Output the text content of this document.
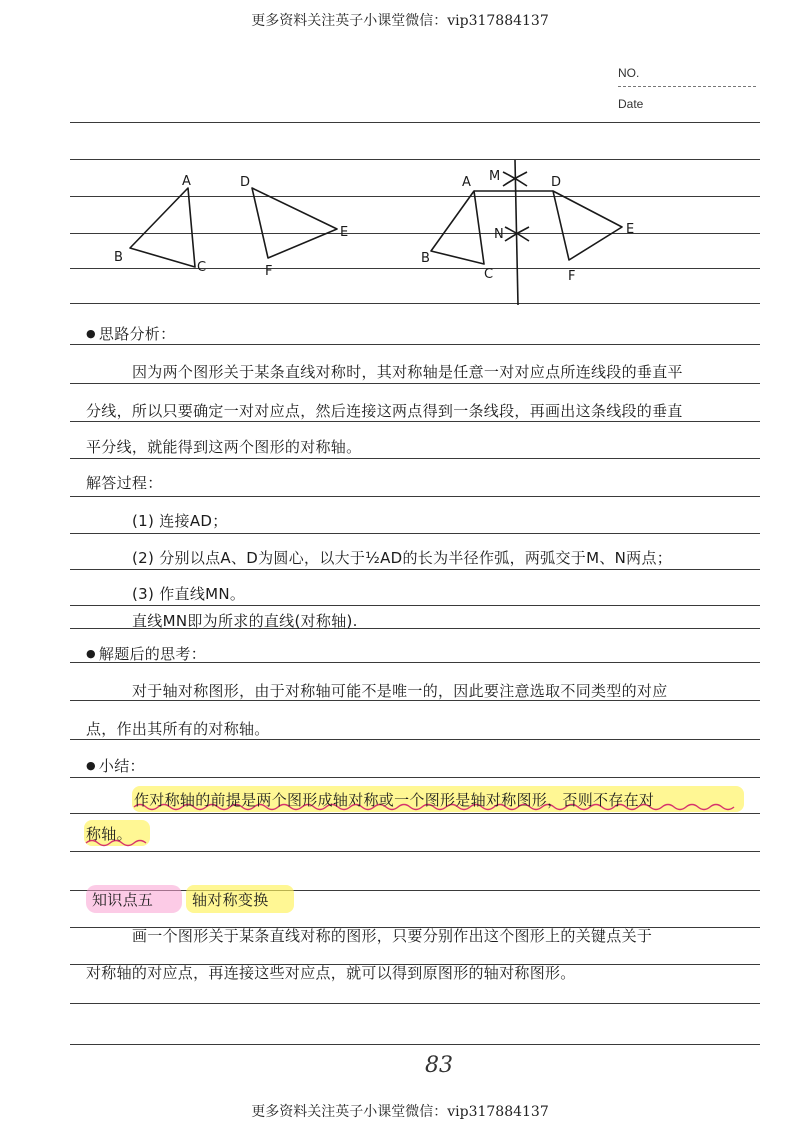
更多资料关注英子小课堂微信：vip317884137
更多资料关注英子小课堂微信：vip317884137
NO.
Date
A
B
C
D
E
F
A M	D
N
B
C
E
F
● 思路分析：
因为两个图形关于某条直线对称时，其对称轴是任意一对对应点所连线段的垂直平
分线，所以只要确定一对对应点，然后连接这两点得到一条线段，再画出这条线段的垂直
平分线，就能得到这两个图形的对称轴。
解答过程：
(1) 连接AD；
(2) 分别以点A、D为圆心，以大于½AD的长为半径作弧，两弧交于M、N两点；
(3) 作直线MN。
直线MN即为所求的直线(对称轴).
● 解题后的思考：
对于轴对称图形，由于对称轴可能不是唯一的，因此要注意选取不同类型的对应
点，作出其所有的对称轴。
● 小结：
作对称轴的前提是两个图形成轴对称或一个图形是轴对称图形，否则不存在对
称轴。
知识点五	轴对称变换
画一个图形关于某条直线对称的图形，只要分别作出这个图形上的关键点关于
对称轴的对应点，再连接这些对应点，就可以得到原图形的轴对称图形。
83
